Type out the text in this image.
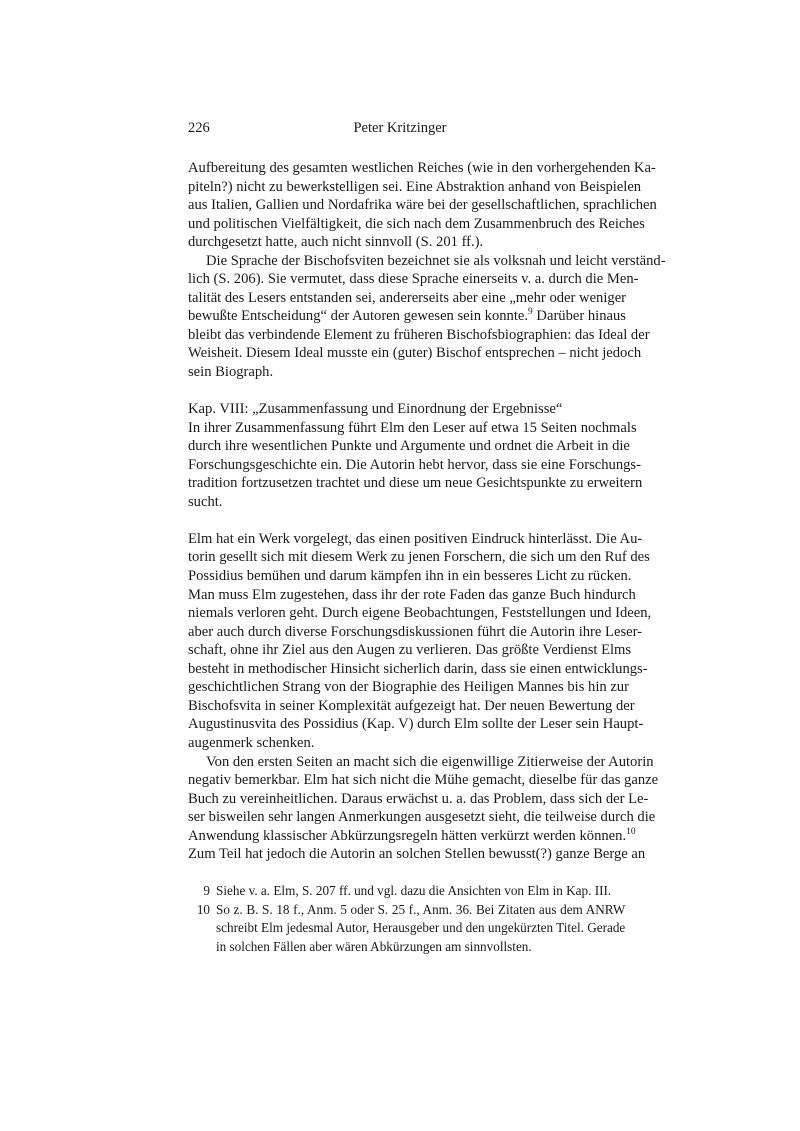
226	Peter Kritzinger
Aufbereitung des gesamten westlichen Reiches (wie in den vorhergehenden Ka-
piteln?) nicht zu bewerkstelligen sei. Eine Abstraktion anhand von Beispielen
aus Italien, Gallien und Nordafrika wäre bei der gesellschaftlichen, sprachlichen
und politischen Vielfältigkeit, die sich nach dem Zusammenbruch des Reiches
durchgesetzt hatte, auch nicht sinnvoll (S. 201 ff.).
Die Sprache der Bischofsviten bezeichnet sie als volksnah und leicht verständ-
lich (S. 206). Sie vermutet, dass diese Sprache einerseits v. a. durch die Men-
talität des Lesers entstanden sei, andererseits aber eine „mehr oder weniger
bewußte Entscheidung“ der Autoren gewesen sein konnte.$^9$ Darüber hinaus
bleibt das verbindende Element zu früheren Bischofsbiographien: das Ideal der
Weisheit. Diesem Ideal musste ein (guter) Bischof entsprechen – nicht jedoch
sein Biograph.
Kap. VIII: „Zusammenfassung und Einordnung der Ergebnisse“
In ihrer Zusammenfassung führt Elm den Leser auf etwa 15 Seiten nochmals
durch ihre wesentlichen Punkte und Argumente und ordnet die Arbeit in die
Forschungsgeschichte ein. Die Autorin hebt hervor, dass sie eine Forschungs-
tradition fortzusetzen trachtet und diese um neue Gesichtspunkte zu erweitern
sucht.
Elm hat ein Werk vorgelegt, das einen positiven Eindruck hinterlässt. Die Au-
torin gesellt sich mit diesem Werk zu jenen Forschern, die sich um den Ruf des
Possidius bemühen und darum kämpfen ihn in ein besseres Licht zu rücken.
Man muss Elm zugestehen, dass ihr der rote Faden das ganze Buch hindurch
niemals verloren geht. Durch eigene Beobachtungen, Feststellungen und Ideen,
aber auch durch diverse Forschungsdiskussionen führt die Autorin ihre Leser-
schaft, ohne ihr Ziel aus den Augen zu verlieren. Das größte Verdienst Elms
besteht in methodischer Hinsicht sicherlich darin, dass sie einen entwicklungs-
geschichtlichen Strang von der Biographie des Heiligen Mannes bis hin zur
Bischofsvita in seiner Komplexität aufgezeigt hat. Der neuen Bewertung der
Augustinusvita des Possidius (Kap. V) durch Elm sollte der Leser sein Haupt-
augenmerk schenken.
Von den ersten Seiten an macht sich die eigenwillige Zitierweise der Autorin
negativ bemerkbar. Elm hat sich nicht die Mühe gemacht, dieselbe für das ganze
Buch zu vereinheitlichen. Daraus erwächst u. a. das Problem, dass sich der Le-
ser bisweilen sehr langen Anmerkungen ausgesetzt sieht, die teilweise durch die
Anwendung klassischer Abkürzungsregeln hätten verkürzt werden können.$^{10}$
Zum Teil hat jedoch die Autorin an solchen Stellen bewusst(?) ganze Berge an
9 Siehe v. a. Elm, S. 207 ff. und vgl. dazu die Ansichten von Elm in Kap. III.
10 So z. B. S. 18 f., Anm. 5 oder S. 25 f., Anm. 36. Bei Zitaten aus dem ANRW
schreibt Elm jedesmal Autor, Herausgeber und den ungekürzten Titel. Gerade
in solchen Fällen aber wären Abkürzungen am sinnvollsten.
